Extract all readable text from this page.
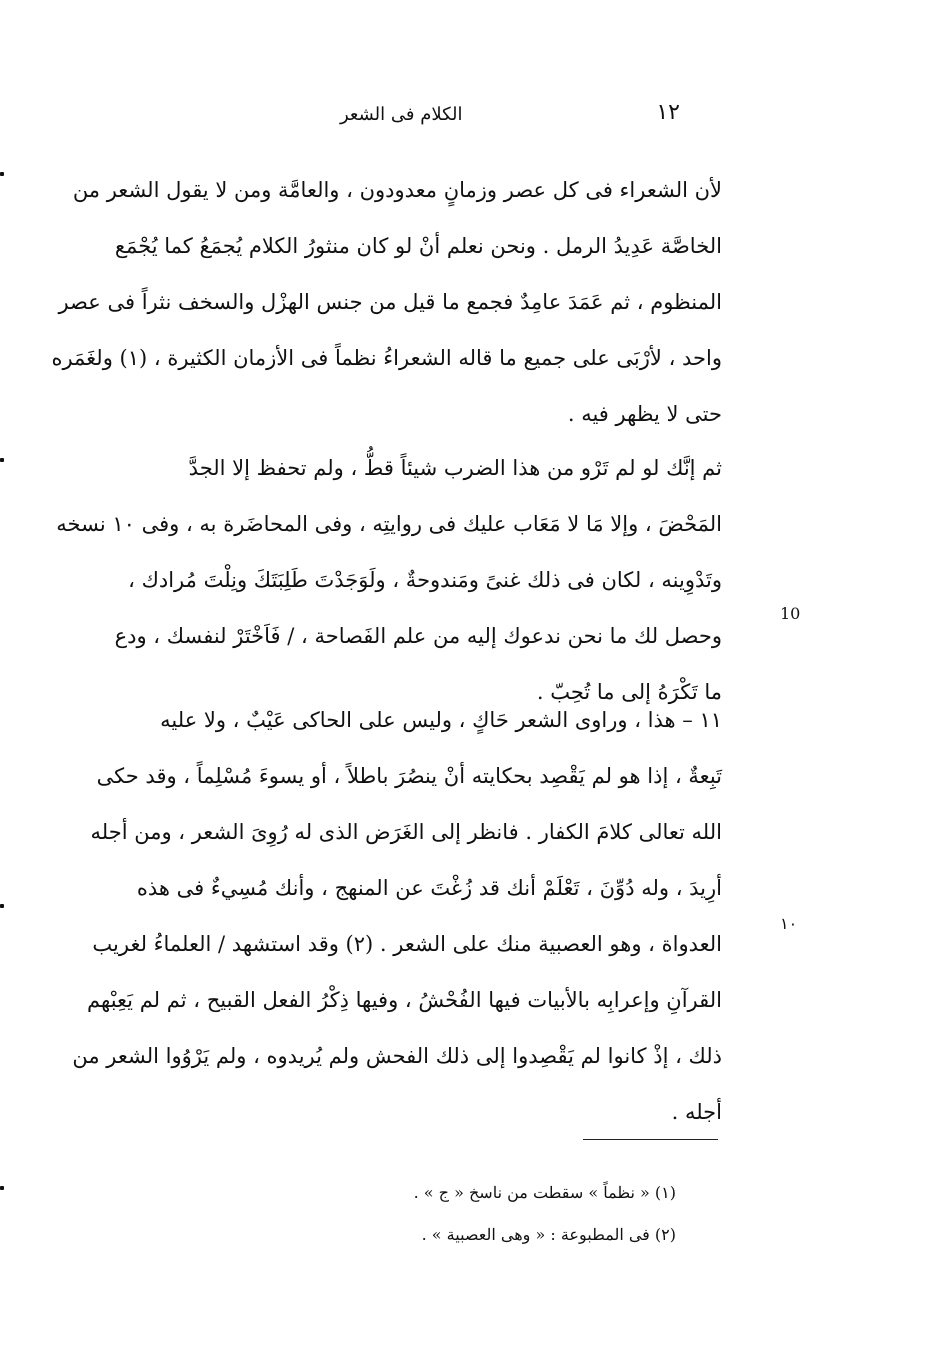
١٢
الكلام فى الشعر
لأن الشعراء فى كل عصر وزمانٍ معدودون ، والعامَّة ومن لا يقول الشعر من
الخاصَّة عَدِيدُ الرمل . ونحن نعلم أنْ لو كان منثورُ الكلام يُجمَعُ كما يُجْمَع
المنظوم ، ثم عَمَدَ عامِدٌ فجمع ما قيل من جنس الهزْل والسخف نثراً فى عصر
واحد ، لأرْبَى على جميع ما قاله الشعراءُ نظماً فى الأزمان الكثيرة ، (١) ولغَمَره
حتى لا يظهر فيه .
ثم إنَّك لو لم تَرْو من هذا الضرب شيئاً قطُّ ، ولم تحفظ إلا الجدَّ
المَحْضَ ، وإلا مَا لا مَعَاب عليك فى روايتِه ، وفى المحاضَرة به ، وفى ١٠ نسخه
وتَدْوِينه ، لكان فى ذلك غنىً ومَندوحةٌ ، ولَوَجَدْتَ طَلِبَتَكَ ونِلْتَ مُرادك ،
وحصل لك ما نحن ندعوك إليه من علم الفَصاحة ، / فَاَخْتَرْ لنفسك ، ودع
ما تَكْرَهُ إلى ما تُحِبّ .
١١ – هذا ، وراوى الشعر حَاكٍ ، وليس على الحاكى عَيْبٌ ، ولا عليه
تَبِعةٌ ، إذا هو لم يَقْصِد بحكايته أنْ ينصُرَ باطلاً ، أو يسوءَ مُسْلِماً ، وقد حكى
الله تعالى كلامَ الكفار . فانظر إلى الغَرَض الذى له رُوِىَ الشعر ، ومن أجله
أرِيدَ ، وله دُوِّنَ ، تَعْلَمْ أنك قد زُغْتَ عن المنهج ، وأنك مُسِيءٌ فى هذه
العدواة ، وهو العصبية منك على الشعر . (٢) وقد استشهد / العلماءُ لغريب
القرآنِ وإعرابِه بالأبيات فيها الفُحْشُ ، وفيها ذِكْرُ الفعل القبيح ، ثم لم يَعِبْهم
ذلك ، إذْ كانوا لم يَقْصِدوا إلى ذلك الفحش ولم يُريدوه ، ولم يَرْوُوا الشعر من
أجله .
10
١٠
(١) « نظماً » سقطت من ناسخ « ج » .
(٢) فى المطبوعة : « وهى العصبية » .
